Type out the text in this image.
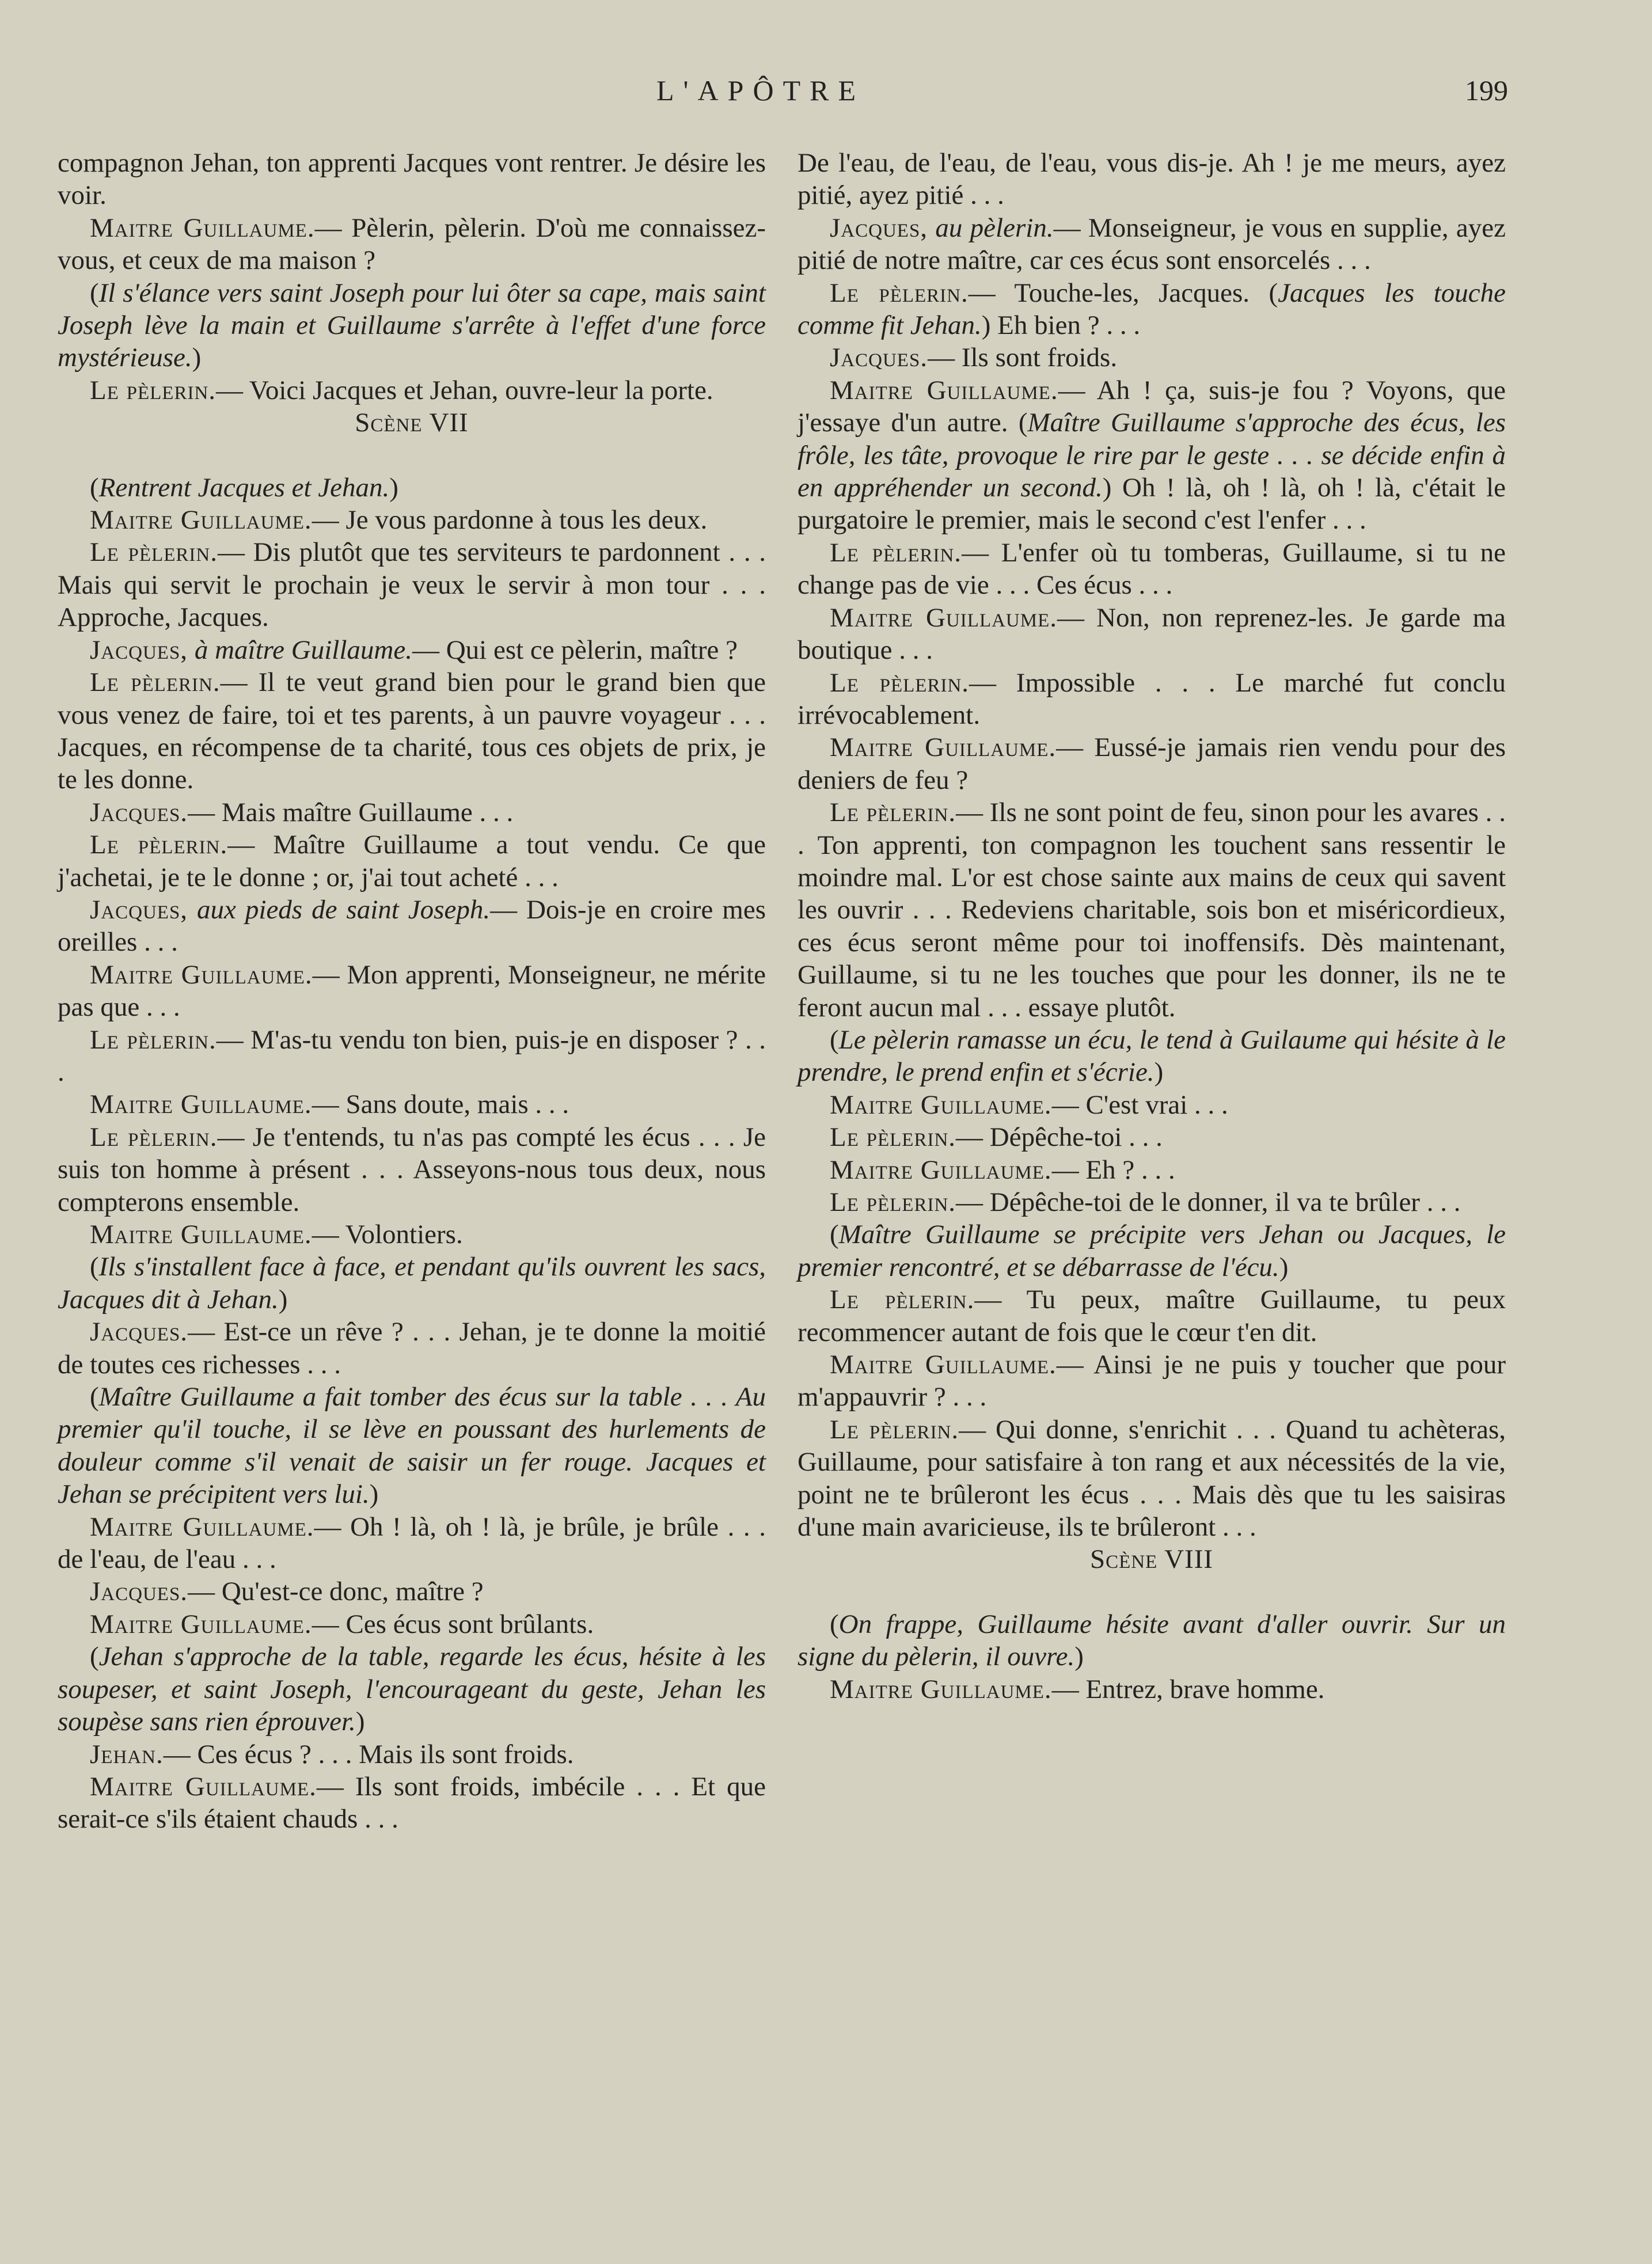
L'APÔTRE	199

compagnon Jehan, ton apprenti Jacques vont rentrer. Je désire les voir.

Maitre Guillaume.— Pèlerin, pèlerin. D'où me connaissez-vous, et ceux de ma maison ?

(Il s'élance vers saint Joseph pour lui ôter sa cape, mais saint Joseph lève la main et Guillaume s'arrête à l'effet d'une force mystérieuse.)

Le pèlerin.— Voici Jacques et Jehan, ouvre-leur la porte.

Scène VII

(Rentrent Jacques et Jehan.)

Maitre Guillaume.— Je vous pardonne à tous les deux.

Le pèlerin.— Dis plutôt que tes serviteurs te pardonnent . . . Mais qui servit le prochain je veux le servir à mon tour . . . Approche, Jacques.

Jacques, à maître Guillaume.— Qui est ce pèlerin, maître ?

Le pèlerin.— Il te veut grand bien pour le grand bien que vous venez de faire, toi et tes parents, à un pauvre voyageur . . . Jacques, en récompense de ta charité, tous ces objets de prix, je te les donne.

Jacques.— Mais maître Guillaume . . .

Le pèlerin.— Maître Guillaume a tout vendu. Ce que j'achetai, je te le donne ; or, j'ai tout acheté . . .

Jacques, aux pieds de saint Joseph.— Dois-je en croire mes oreilles . . .

Maitre Guillaume.— Mon apprenti, Monseigneur, ne mérite pas que . . .

Le pèlerin.— M'as-tu vendu ton bien, puis-je en disposer ? . . .

Maitre Guillaume.— Sans doute, mais . . .

Le pèlerin.— Je t'entends, tu n'as pas compté les écus . . . Je suis ton homme à présent . . . Asseyons-nous tous deux, nous compterons ensemble.

Maitre Guillaume.— Volontiers.

(Ils s'installent face à face, et pendant qu'ils ouvrent les sacs, Jacques dit à Jehan.)

Jacques.— Est-ce un rêve ? . . . Jehan, je te donne la moitié de toutes ces richesses . . .

(Maître Guillaume a fait tomber des écus sur la table . . . Au premier qu'il touche, il se lève en poussant des hurlements de douleur comme s'il venait de saisir un fer rouge. Jacques et Jehan se précipitent vers lui.)

Maitre Guillaume.— Oh ! là, oh ! là, je brûle, je brûle . . . de l'eau, de l'eau . . .

Jacques.— Qu'est-ce donc, maître ?

Maitre Guillaume.— Ces écus sont brûlants.

(Jehan s'approche de la table, regarde les écus, hésite à les soupeser, et saint Joseph, l'encourageant du geste, Jehan les soupèse sans rien éprouver.)

Jehan.— Ces écus ? . . . Mais ils sont froids.

Maitre Guillaume.— Ils sont froids, imbécile . . . Et que serait-ce s'ils étaient chauds . . .

De l'eau, de l'eau, de l'eau, vous dis-je. Ah ! je me meurs, ayez pitié, ayez pitié . . .

Jacques, au pèlerin.— Monseigneur, je vous en supplie, ayez pitié de notre maître, car ces écus sont ensorcelés . . .

Le pèlerin.— Touche-les, Jacques. (Jacques les touche comme fit Jehan.) Eh bien ? . . .

Jacques.— Ils sont froids.

Maitre Guillaume.— Ah ! ça, suis-je fou ? Voyons, que j'essaye d'un autre. (Maître Guillaume s'approche des écus, les frôle, les tâte, provoque le rire par le geste . . . se décide enfin à en appréhender un second.) Oh ! là, oh ! là, oh ! là, c'était le purgatoire le premier, mais le second c'est l'enfer . . .

Le pèlerin.— L'enfer où tu tomberas, Guillaume, si tu ne change pas de vie . . . Ces écus . . .

Maitre Guillaume.— Non, non reprenez-les. Je garde ma boutique . . .

Le pèlerin.— Impossible . . . Le marché fut conclu irrévocablement.

Maitre Guillaume.— Eussé-je jamais rien vendu pour des deniers de feu ?

Le pèlerin.— Ils ne sont point de feu, sinon pour les avares . . . Ton apprenti, ton compagnon les touchent sans ressentir le moindre mal. L'or est chose sainte aux mains de ceux qui savent les ouvrir . . . Redeviens charitable, sois bon et miséricordieux, ces écus seront même pour toi inoffensifs. Dès maintenant, Guillaume, si tu ne les touches que pour les donner, ils ne te feront aucun mal . . . essaye plutôt.

(Le pèlerin ramasse un écu, le tend à Guilaume qui hésite à le prendre, le prend enfin et s'écrie.)

Maitre Guillaume.— C'est vrai . . .

Le pèlerin.— Dépêche-toi . . .

Maitre Guillaume.— Eh ? . . .

Le pèlerin.— Dépêche-toi de le donner, il va te brûler . . .

(Maître Guillaume se précipite vers Jehan ou Jacques, le premier rencontré, et se débarrasse de l'écu.)

Le pèlerin.— Tu peux, maître Guillaume, tu peux recommencer autant de fois que le cœur t'en dit.

Maitre Guillaume.— Ainsi je ne puis y toucher que pour m'appauvrir ? . . .

Le pèlerin.— Qui donne, s'enrichit . . . Quand tu achèteras, Guillaume, pour satisfaire à ton rang et aux nécessités de la vie, point ne te brûleront les écus . . . Mais dès que tu les saisiras d'une main avaricieuse, ils te brûleront . . .

Scène VIII

(On frappe, Guillaume hésite avant d'aller ouvrir. Sur un signe du pèlerin, il ouvre.)

Maitre Guillaume.— Entrez, brave homme.
